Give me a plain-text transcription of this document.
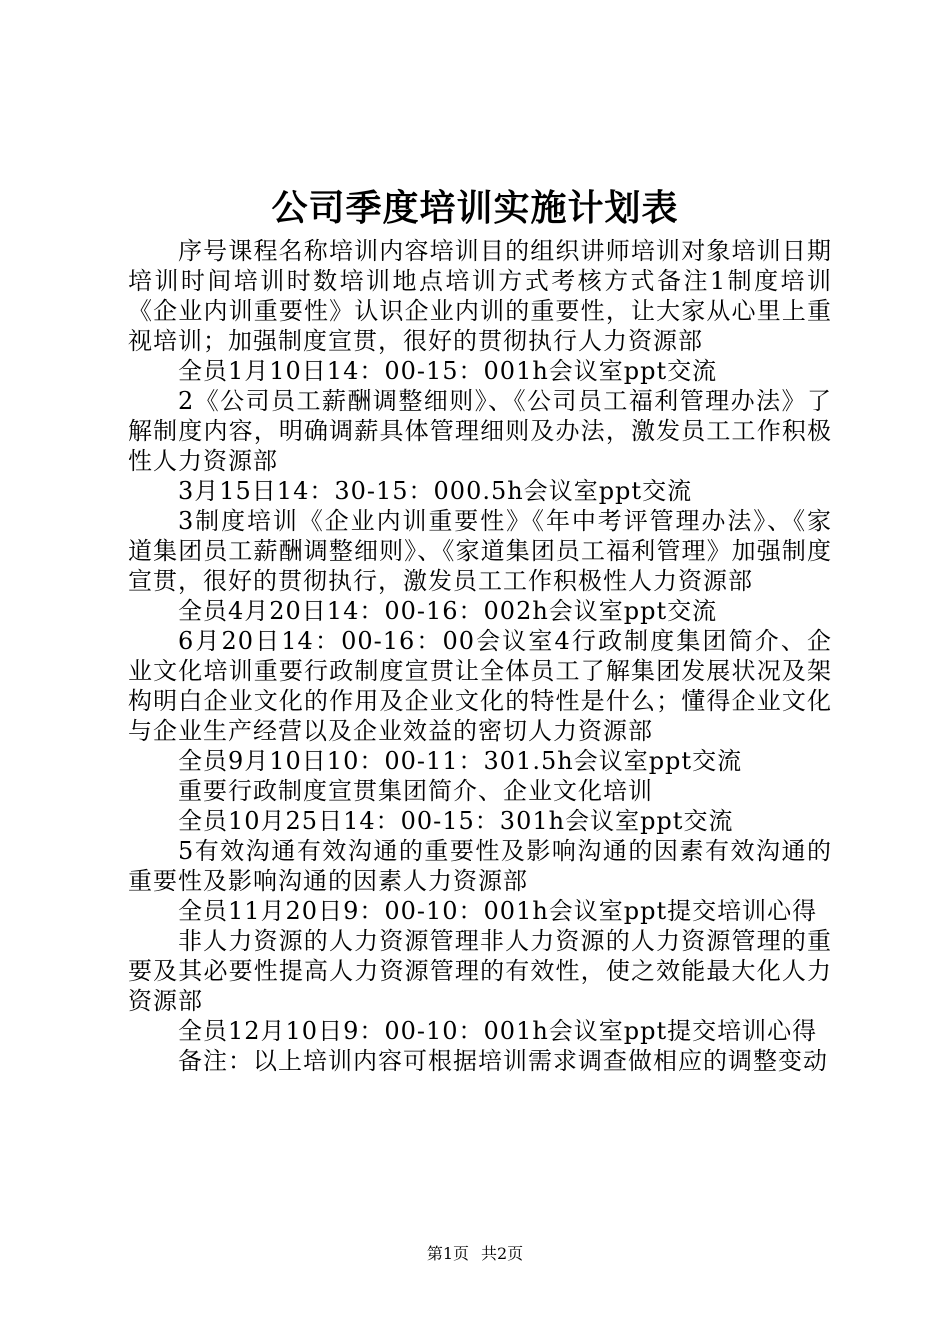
公司季度培训实施计划表

序号课程名称培训内容培训目的组织讲师培训对象培训日期培训时间培训时数培训地点培训方式考核方式备注1制度培训《企业内训重要性》认识企业内训的重要性，让大家从心里上重视培训；加强制度宣贯，很好的贯彻执行人力资源部

全员1月10日14：00-15：001h会议室ppt交流

2《公司员工薪酬调整细则》、《公司员工福利管理办法》了解制度内容，明确调薪具体管理细则及办法，激发员工工作积极性人力资源部

3月15日14：30-15：000.5h会议室ppt交流

3制度培训《企业内训重要性》《年中考评管理办法》、《家道集团员工薪酬调整细则》、《家道集团员工福利管理》加强制度宣贯，很好的贯彻执行，激发员工工作积极性人力资源部

全员4月20日14：00-16：002h会议室ppt交流

6月20日14：00-16：00会议室4行政制度集团简介、企业文化培训重要行政制度宣贯让全体员工了解集团发展状况及架构明白企业文化的作用及企业文化的特性是什么；懂得企业文化与企业生产经营以及企业效益的密切人力资源部

全员9月10日10：00-11：301.5h会议室ppt交流

重要行政制度宣贯集团简介、企业文化培训

全员10月25日14：00-15：301h会议室ppt交流

5有效沟通有效沟通的重要性及影响沟通的因素有效沟通的重要性及影响沟通的因素人力资源部

全员11月20日9：00-10：001h会议室ppt提交培训心得

非人力资源的人力资源管理非人力资源的人力资源管理的重要及其必要性提高人力资源管理的有效性，使之效能最大化人力资源部

全员12月10日9：00-10：001h会议室ppt提交培训心得

备注：以上培训内容可根据培训需求调查做相应的调整变动

第1页 共2页
